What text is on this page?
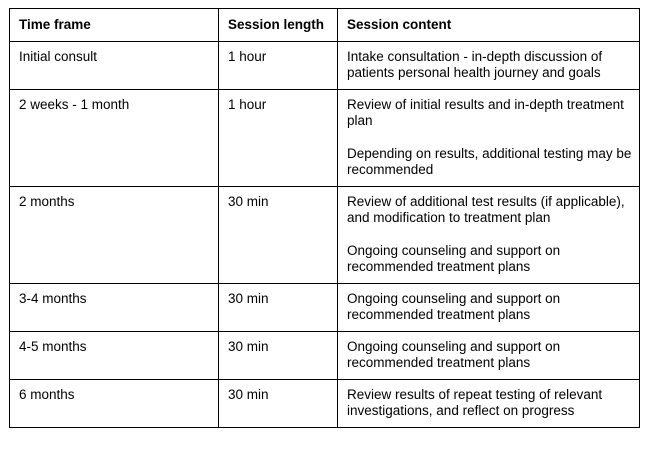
Time frame	Session length	Session content
Initial consult	1 hour	Intake consultation - in-depth discussion of patients personal health journey and goals

2 weeks - 1 month	1 hour	Review of initial results and in-depth treatment plan

Depending on results, additional testing may be recommended

2 months	30 min	Review of additional test results (if applicable), and modification to treatment plan

Ongoing counseling and support on recommended treatment plans

3-4 months	30 min	Ongoing counseling and support on recommended treatment plans

4-5 months	30 min	Ongoing counseling and support on recommended treatment plans

6 months	30 min	Review results of repeat testing of relevant investigations, and reflect on progress
